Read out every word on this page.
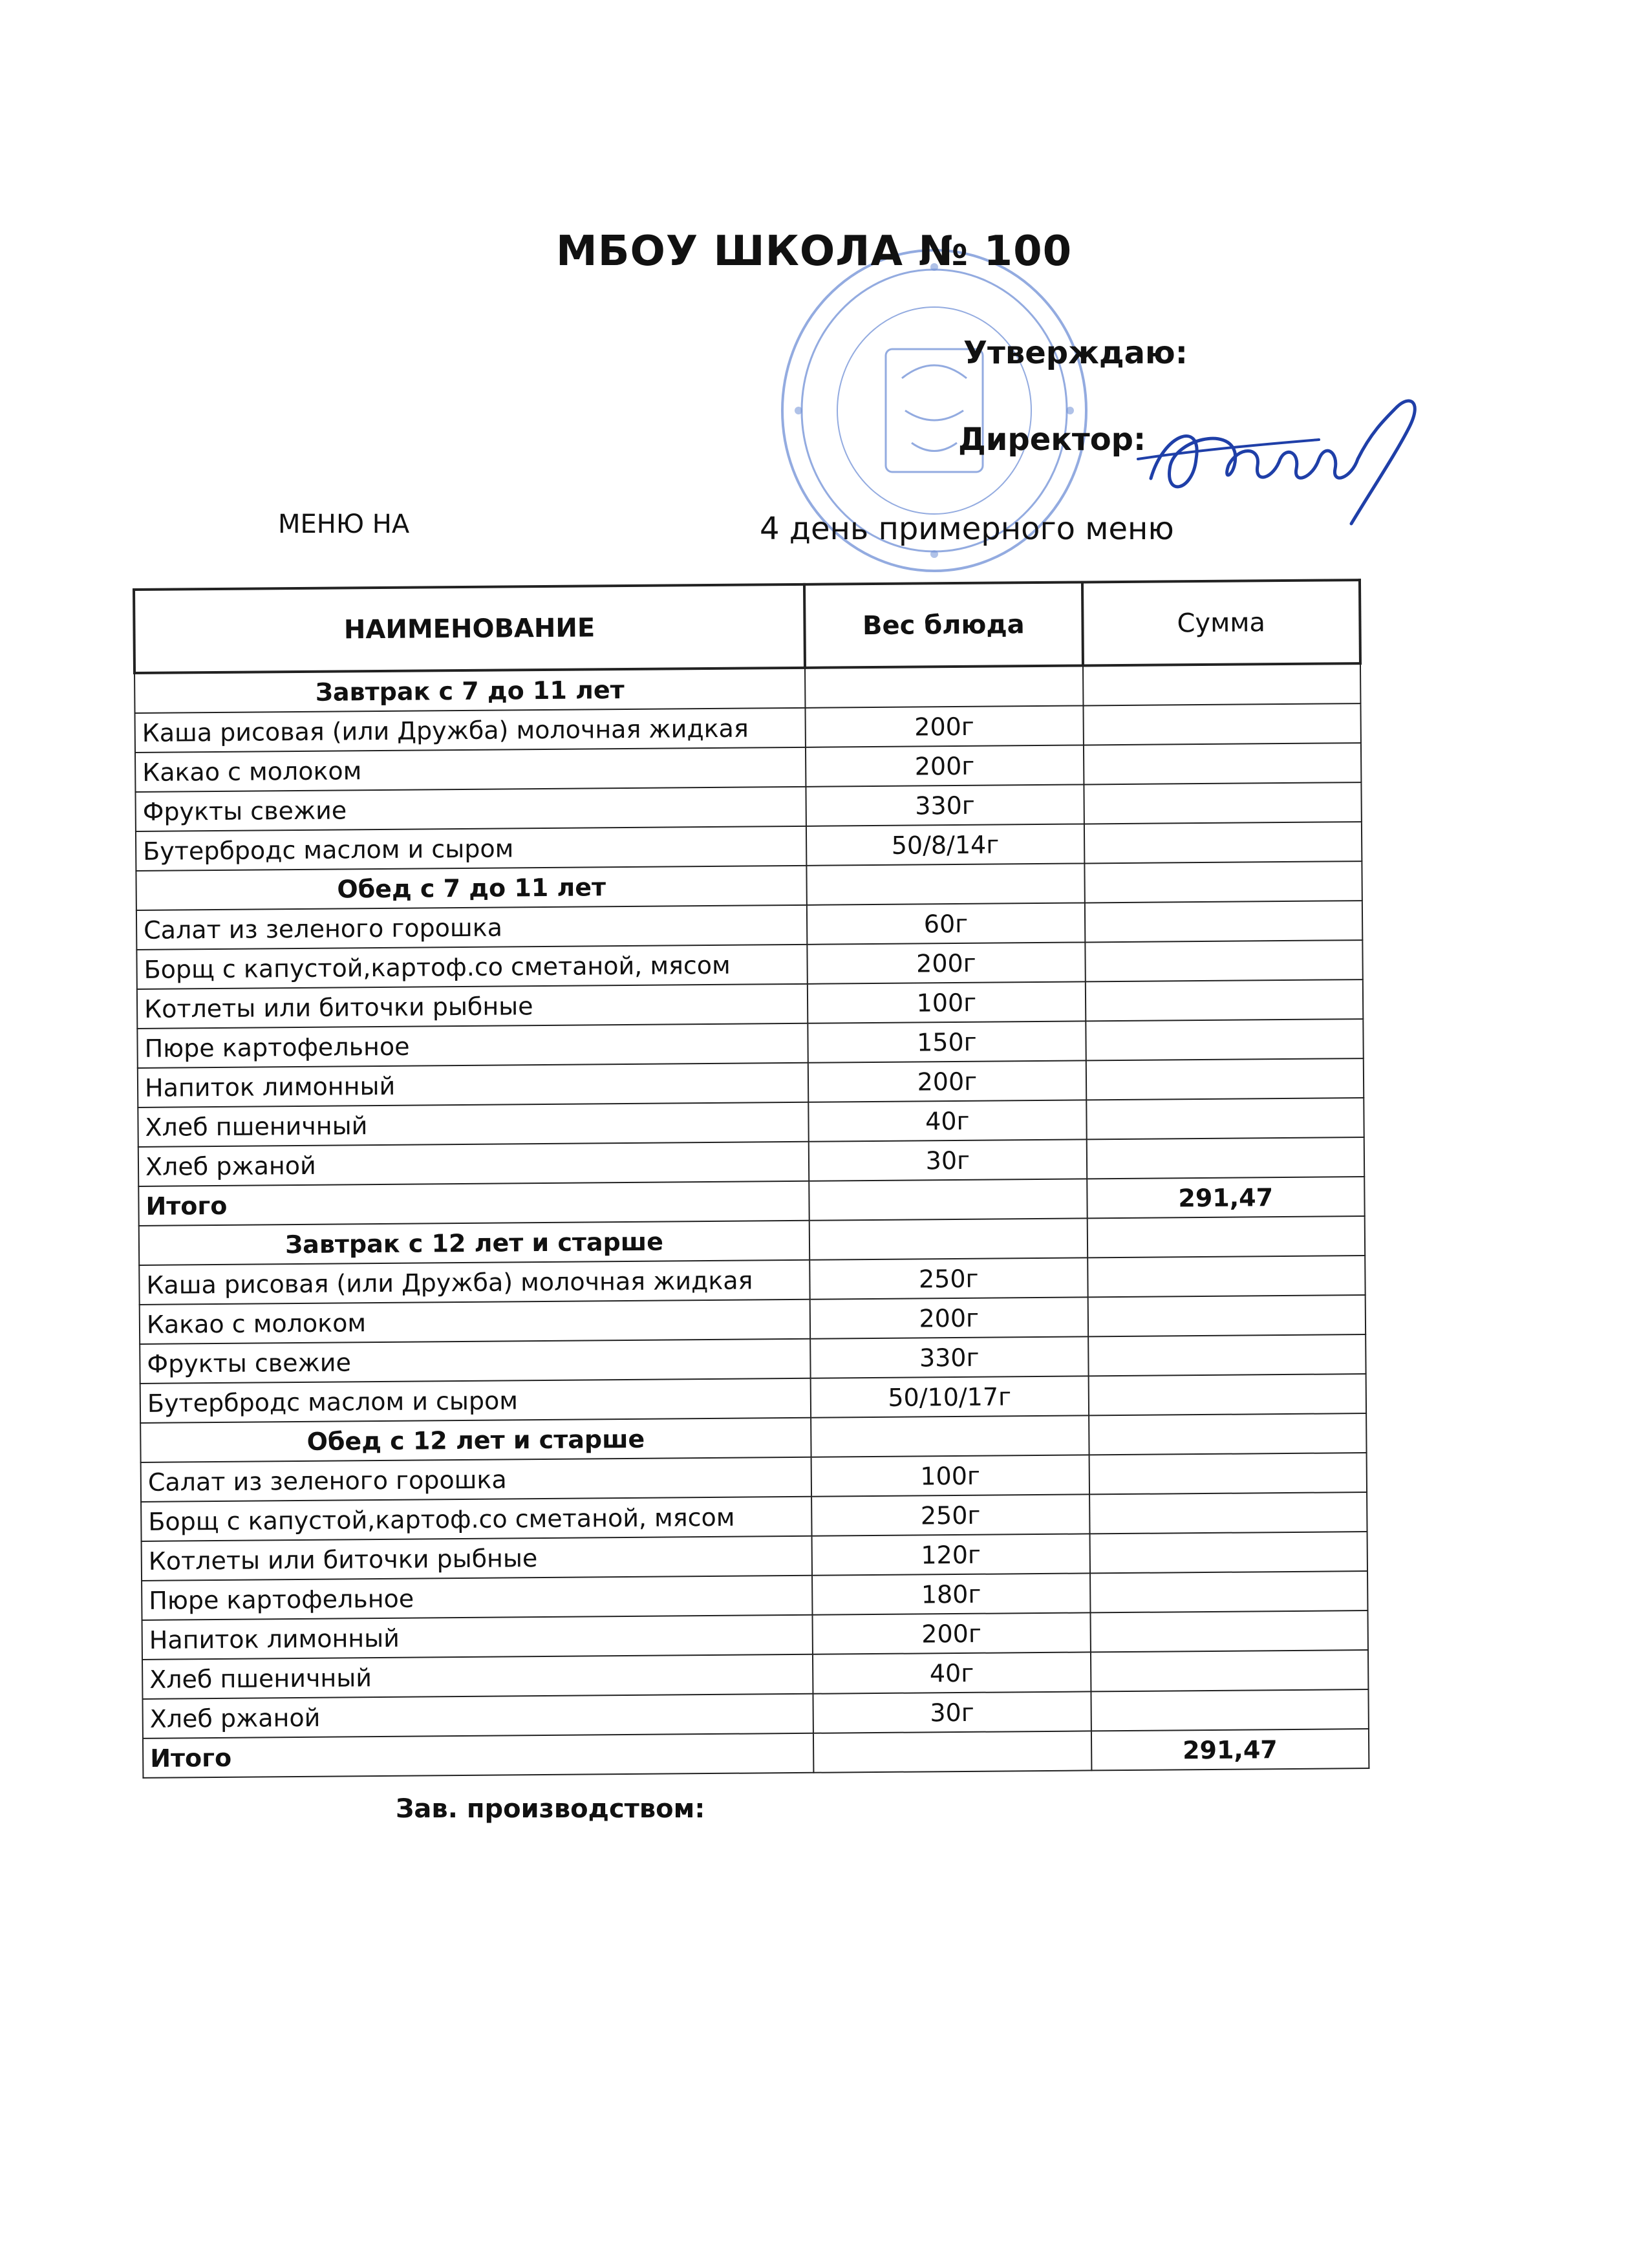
МБОУ ШКОЛА № 100
Утверждаю:
Директор:
МЕНЮ НА	4 день примерного меню
НАИМЕНОВАНИЕ	Вес блюда	Сумма
Завтрак с 7 до 11 лет		
Каша рисовая (или Дружба) молочная жидкая	200г	
Какао с молоком	200г	
Фрукты свежие	330г	
Бутербродс маслом и сыром	50/8/14г	
Обед с 7 до 11 лет		
Салат из зеленого горошка	60г	
Борщ с капустой,картоф.со сметаной, мясом	200г	
Котлеты или биточки рыбные	100г	
Пюре картофельное	150г	
Напиток лимонный	200г	
Хлеб пшеничный	40г	
Хлеб ржаной	30г	
Итого		291,47
Завтрак с 12 лет и старше		
Каша рисовая (или Дружба) молочная жидкая	250г	
Какао с молоком	200г	
Фрукты свежие	330г	
Бутербродс маслом и сыром	50/10/17г	
Обед с 12 лет и старше		
Салат из зеленого горошка	100г	
Борщ с капустой,картоф.со сметаной, мясом	250г	
Котлеты или биточки рыбные	120г	
Пюре картофельное	180г	
Напиток лимонный	200г	
Хлеб пшеничный	40г	
Хлеб ржаной	30г	
Итого		291,47
Зав. производством:
